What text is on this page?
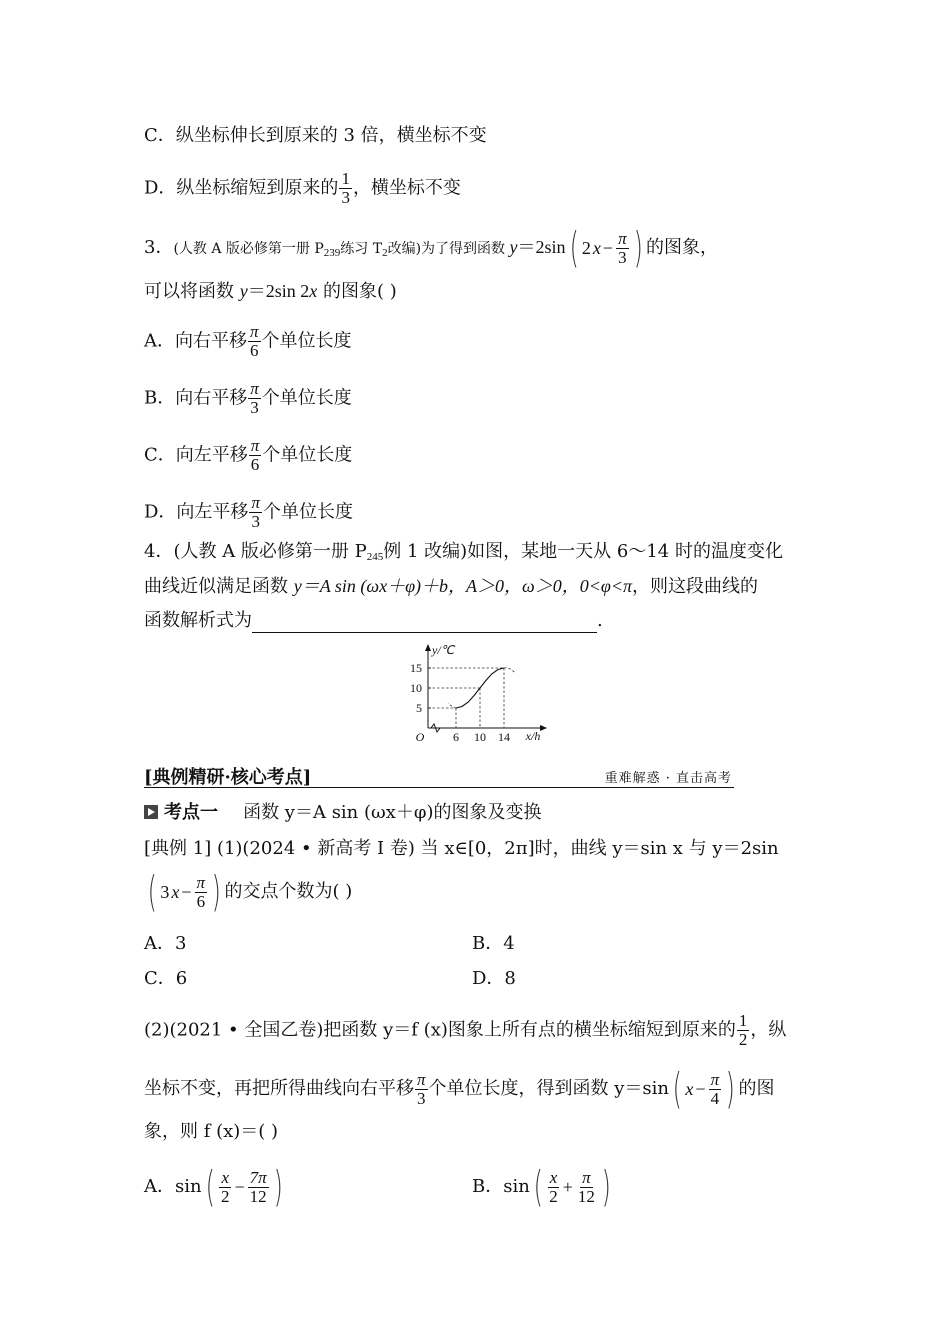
C．纵坐标伸长到原来的 3 倍，横坐标不变
D．纵坐标缩短到原来的 $\frac{1}{3}$ ，横坐标不变
3．(人教 A 版必修第一册 $P_{239}$练习 $T_2$改编)为了得到函数 y＝2sin ( 2 $x - \frac{\pi}{3}$ ) 的图象，
可以将函数 y＝2sin 2x 的图象( )
A．向右平移 $\frac{\pi}{6}$ 个单位长度
B．向右平移 $\frac{\pi}{3}$ 个单位长度
C．向左平移 $\frac{\pi}{6}$ 个单位长度
D．向左平移 $\frac{\pi}{3}$ 个单位长度
4．(人教 A 版必修第一册 $P_{245}$例 1 改编)如图，某地一天从 6～14 时的温度变化
曲线近似满足函数 y＝A sin (ωx＋φ)＋b，A＞0，ω＞0，0<φ<π，则这段曲线的
函数解析式为	.
y/℃
x/h
O
5
10
15
6 10 14
[典例精研·核心考点]	重难解惑 · 直击高考
考点一 函数 y＝A sin (ωx＋φ)的图象及变换
[典例 1] (1)(2024 • 新高考 Ⅰ 卷) 当 x∈[0，2π]时，曲线 y＝sin x 与 y＝2sin
( 3 $x - \frac{\pi}{6}$ ) 的交点个数为( )
A．3	B．4
C．6	D．8
(2)(2021 • 全国乙卷)把函数 y＝f (x)图象上所有点的横坐标缩短到原来的 $\frac{1}{2}$ ，纵
坐标不变，再把所得曲线向右平移 $\frac{\pi}{3}$ 个单位长度，得到函数 y＝sin ( $x - \frac{\pi}{4}$ ) 的图
象，则 f (x)＝( )
A．sin ( $\frac{x}{2} - \frac{7\pi}{12}$ )	B．sin ( $\frac{x}{2} + \frac{\pi}{12}$ )
